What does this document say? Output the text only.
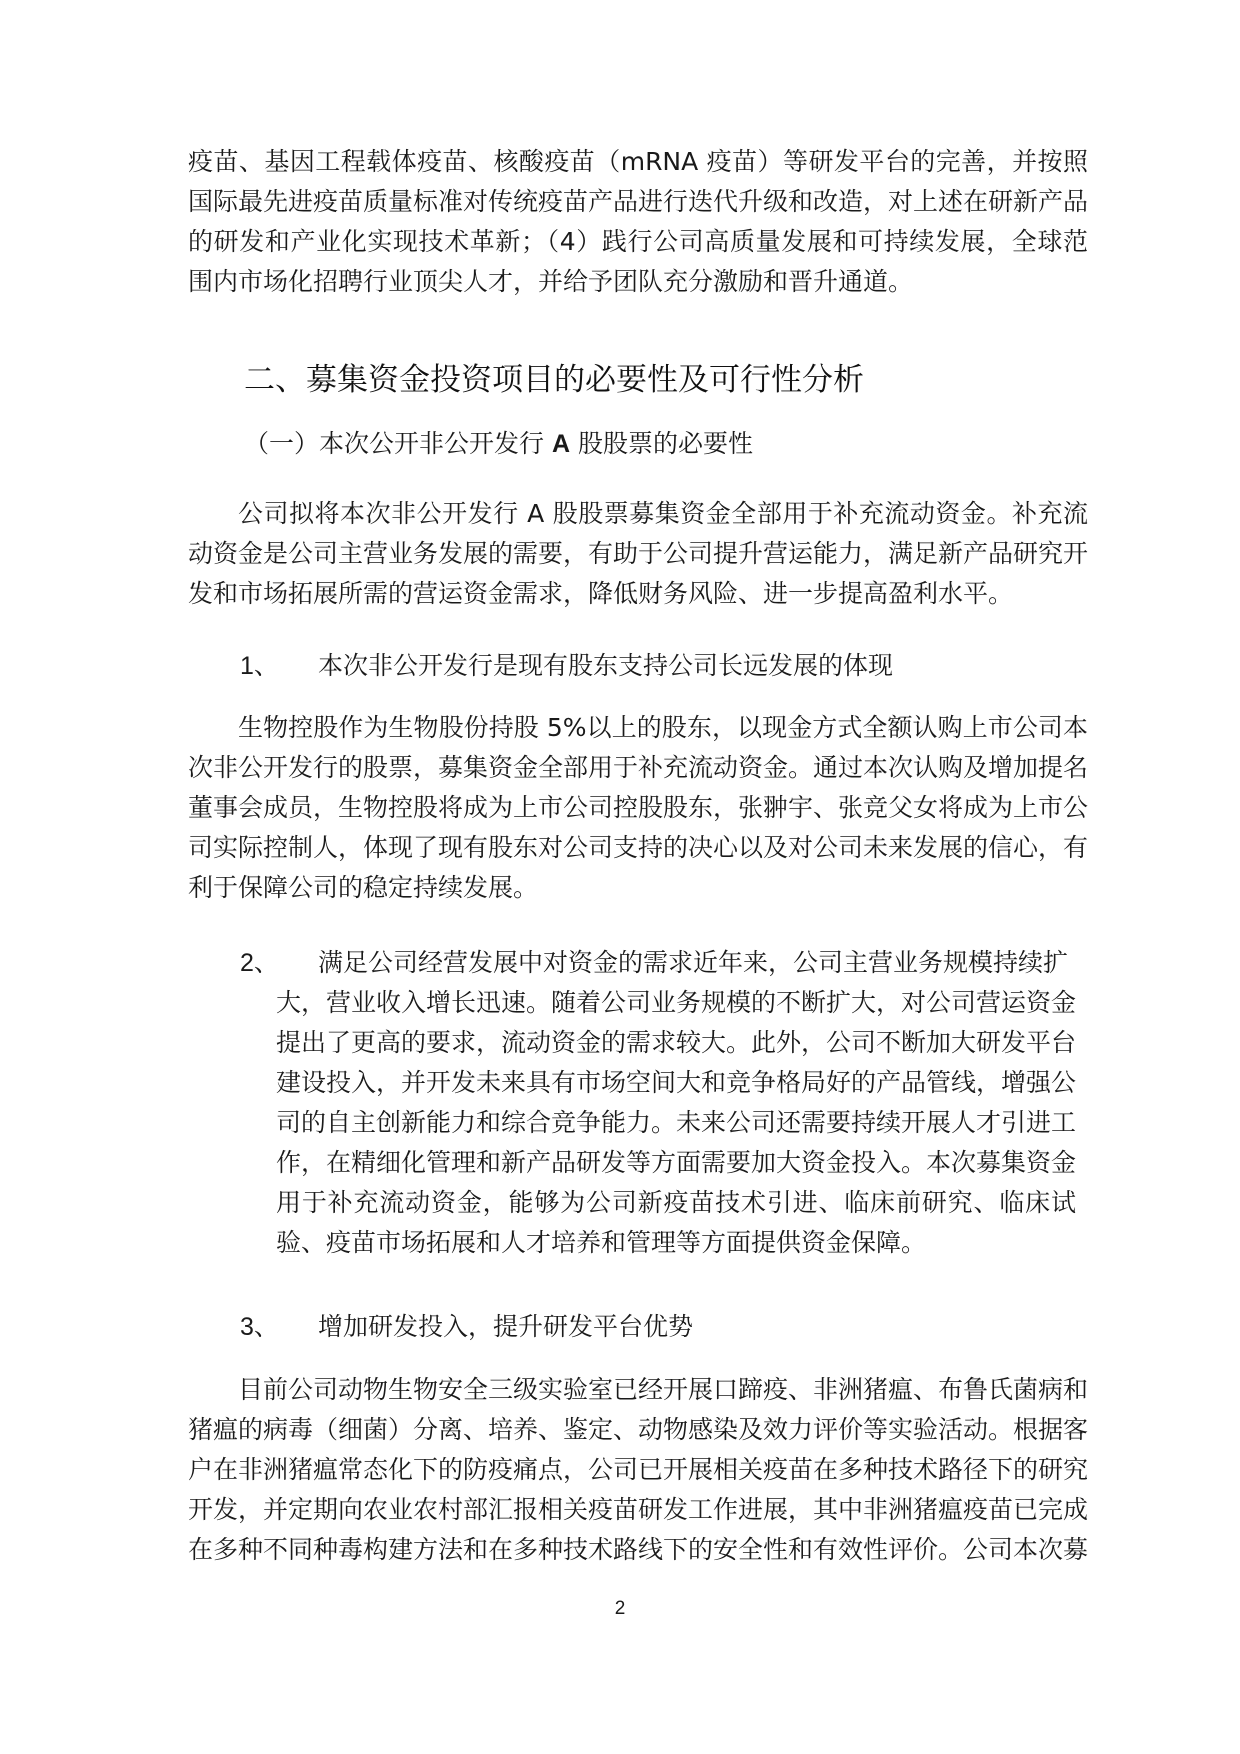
疫苗、基因工程载体疫苗、核酸疫苗（mRNA 疫苗）等研发平台的完善，并按照国际最先进疫苗质量标准对传统疫苗产品进行迭代升级和改造，对上述在研新产品的研发和产业化实现技术革新；（4）践行公司高质量发展和可持续发展，全球范围内市场化招聘行业顶尖人才，并给予团队充分激励和晋升通道。

二、募集资金投资项目的必要性及可行性分析
（一）本次公开非公开发行 A 股股票的必要性

公司拟将本次非公开发行 A 股股票募集资金全部用于补充流动资金。补充流动资金是公司主营业务发展的需要，有助于公司提升营运能力，满足新产品研究开发和市场拓展所需的营运资金需求，降低财务风险、进一步提高盈利水平。

1、 本次非公开发行是现有股东支持公司长远发展的体现

生物控股作为生物股份持股 5%以上的股东，以现金方式全额认购上市公司本次非公开发行的股票，募集资金全部用于补充流动资金。通过本次认购及增加提名董事会成员，生物控股将成为上市公司控股股东，张翀宇、张竞父女将成为上市公司实际控制人，体现了现有股东对公司支持的决心以及对公司未来发展的信心，有利于保障公司的稳定持续发展。

2、 满足公司经营发展中对资金的需求近年来，公司主营业务规模持续扩

大，营业收入增长迅速。随着公司业务规模的不断扩大，对公司营运资金提出了更高的要求，流动资金的需求较大。此外，公司不断加大研发平台建设投入，并开发未来具有市场空间大和竞争格局好的产品管线，增强公司的自主创新能力和综合竞争能力。未来公司还需要持续开展人才引进工作，在精细化管理和新产品研发等方面需要加大资金投入。本次募集资金用于补充流动资金，能够为公司新疫苗技术引进、临床前研究、临床试验、疫苗市场拓展和人才培养和管理等方面提供资金保障。

3、 增加研发投入，提升研发平台优势

目前公司动物生物安全三级实验室已经开展口蹄疫、非洲猪瘟、布鲁氏菌病和猪瘟的病毒（细菌）分离、培养、鉴定、动物感染及效力评价等实验活动。根据客户在非洲猪瘟常态化下的防疫痛点，公司已开展相关疫苗在多种技术路径下的研究开发，并定期向农业农村部汇报相关疫苗研发工作进展，其中非洲猪瘟疫苗已完成在多种不同种毒构建方法和在多种技术路线下的安全性和有效性评价。公司本次募

2
